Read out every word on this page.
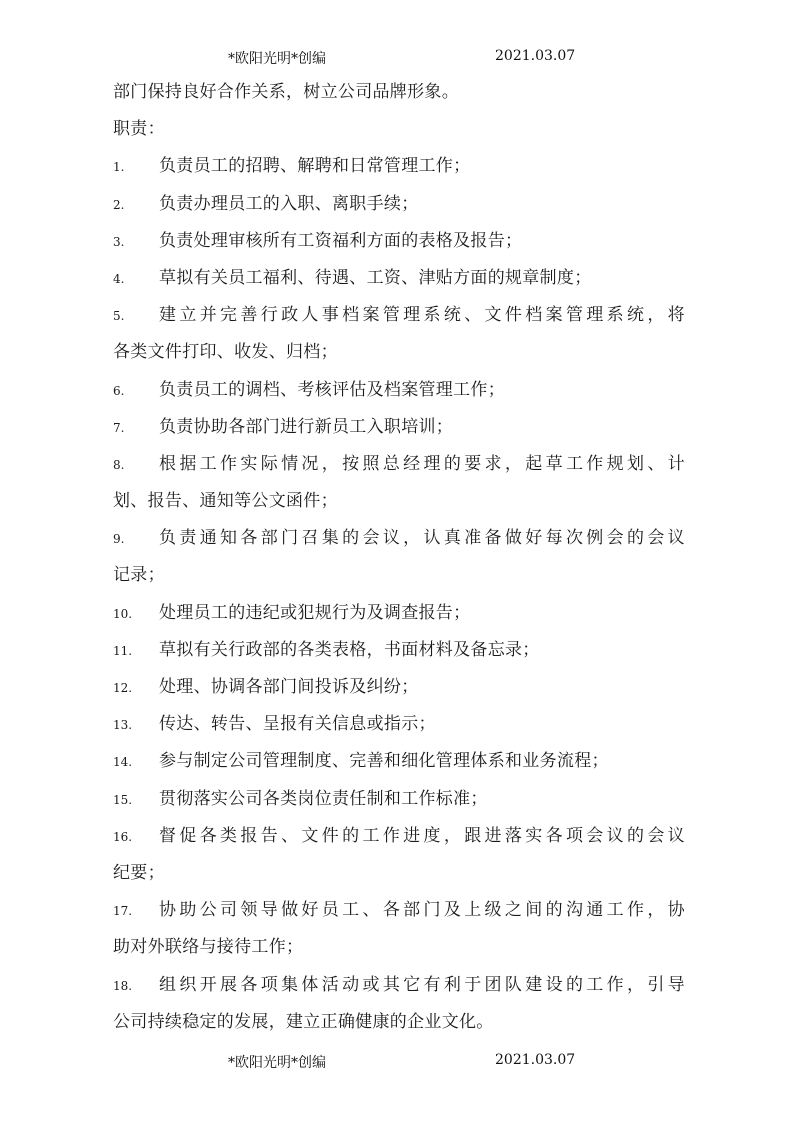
*欧阳光明*创编	2021.03.07
部门保持良好合作关系，树立公司品牌形象。
职责：
1. 负责员工的招聘、解聘和日常管理工作；
2. 负责办理员工的入职、离职手续；
3. 负责处理审核所有工资福利方面的表格及报告；
4. 草拟有关员工福利、待遇、工资、津贴方面的规章制度；
5. 建立并完善行政人事档案管理系统、文件档案管理系统，将
各类文件打印、收发、归档；
6. 负责员工的调档、考核评估及档案管理工作；
7. 负责协助各部门进行新员工入职培训；
8. 根据工作实际情况，按照总经理的要求，起草工作规划、计
划、报告、通知等公文函件；
9. 负责通知各部门召集的会议，认真准备做好每次例会的会议
记录；
10. 处理员工的违纪或犯规行为及调查报告；
11. 草拟有关行政部的各类表格，书面材料及备忘录；
12. 处理、协调各部门间投诉及纠纷；
13. 传达、转告、呈报有关信息或指示；
14. 参与制定公司管理制度、完善和细化管理体系和业务流程；
15. 贯彻落实公司各类岗位责任制和工作标准；
16. 督促各类报告、文件的工作进度，跟进落实各项会议的会议
纪要；
17. 协助公司领导做好员工、各部门及上级之间的沟通工作，协
助对外联络与接待工作；
18. 组织开展各项集体活动或其它有利于团队建设的工作，引导
公司持续稳定的发展，建立正确健康的企业文化。
*欧阳光明*创编	2021.03.07
